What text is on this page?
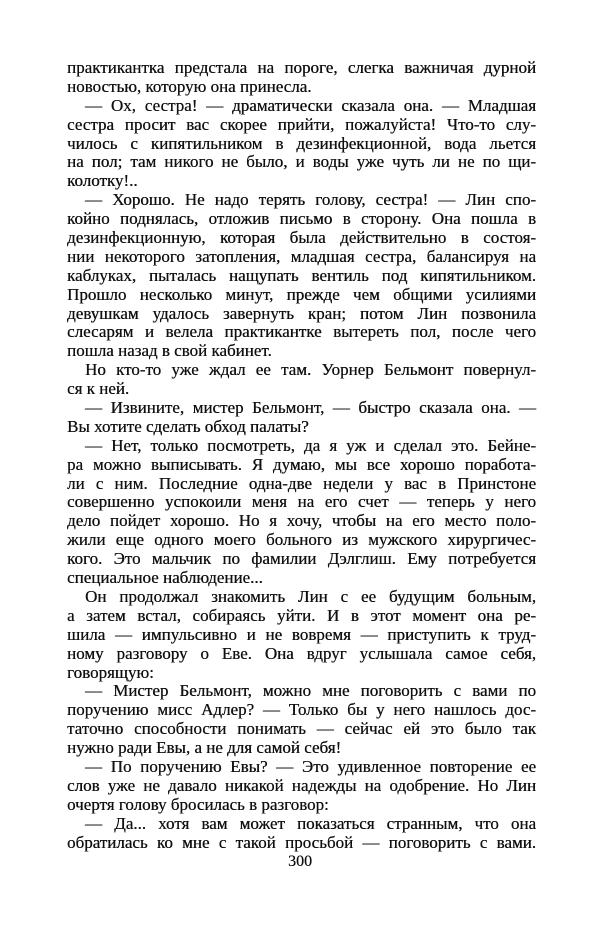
практикантка предстала на пороге, слегка важничая дурной
новостью, которую она принесла.
— Ох, сестра! — драматически сказала она. — Младшая
сестра просит вас скорее прийти, пожалуйста! Что-то слу-
чилось с кипятильником в дезинфекционной, вода льется
на пол; там никого не было, и воды уже чуть ли не по щи-
колотку!..
— Хорошо. Не надо терять голову, сестра! — Лин спо-
койно поднялась, отложив письмо в сторону. Она пошла в
дезинфекционную, которая была действительно в состоя-
нии некоторого затопления, младшая сестра, балансируя на
каблуках, пыталась нащупать вентиль под кипятильником.
Прошло несколько минут, прежде чем общими усилиями
девушкам удалось завернуть кран; потом Лин позвонила
слесарям и велела практикантке вытереть пол, после чего
пошла назад в свой кабинет.
Но кто-то уже ждал ее там. Уорнер Бельмонт повернул-
ся к ней.
— Извините, мистер Бельмонт, — быстро сказала она. —
Вы хотите сделать обход палаты?
— Нет, только посмотреть, да я уж и сделал это. Бейне-
ра можно выписывать. Я думаю, мы все хорошо поработа-
ли с ним. Последние одна-две недели у вас в Принстоне
совершенно успокоили меня на его счет — теперь у него
дело пойдет хорошо. Но я хочу, чтобы на его место поло-
жили еще одного моего больного из мужского хирургичес-
кого. Это мальчик по фамилии Дэлглиш. Ему потребуется
специальное наблюдение...
Он продолжал знакомить Лин с ее будущим больным,
а затем встал, собираясь уйти. И в этот момент она ре-
шила — импульсивно и не вовремя — приступить к труд-
ному разговору о Еве. Она вдруг услышала самое себя,
говорящую:
— Мистер Бельмонт, можно мне поговорить с вами по
поручению мисс Адлер? — Только бы у него нашлось дос-
таточно способности понимать — сейчас ей это было так
нужно ради Евы, а не для самой себя!
— По поручению Евы? — Это удивленное повторение ее
слов уже не давало никакой надежды на одобрение. Но Лин
очертя голову бросилась в разговор:
— Да... хотя вам может показаться странным, что она
обратилась ко мне с такой просьбой — поговорить с вами.
300
